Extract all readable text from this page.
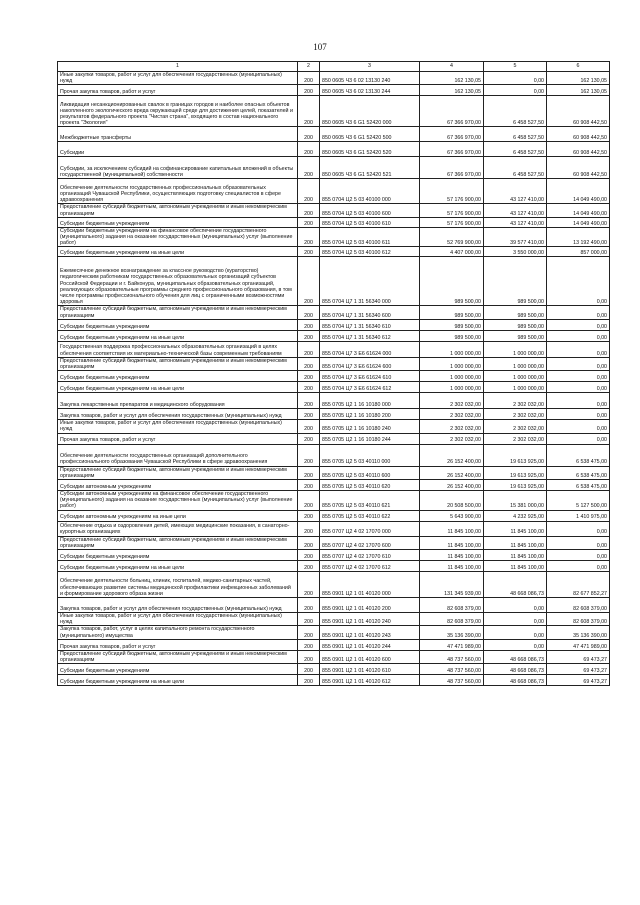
107
1	2	3	4	5	6
Иные закупки товаров, работ и услуг для обеспечения государственных (муниципальных) нужд	200	850 0605 Ч3 6 02 13130 240	162 130,05	0,00	162 130,05
Прочая закупка товаров, работ и услуг	200	850 0605 Ч3 6 02 13130 244	162 130,05	0,00	162 130,05
Ликвидация несанкционированных свалок в границах городов и наиболее опасных объектов накопленного экологического вреда окружающей среде для достижения целей, показателей и результатов федерального проекта "Чистая страна", входящего в состав национального проекта "Экология"	200	850 0605 Ч3 6 G1 52420 000	67 366 970,00	6 458 527,50	60 908 442,50
Межбюджетные трансферты	200	850 0605 Ч3 6 G1 52420 500	67 366 970,00	6 458 527,50	60 908 442,50
Субсидии	200	850 0605 Ч3 6 G1 52420 520	67 366 970,00	6 458 527,50	60 908 442,50
Субсидии, за исключением субсидий на софинансирование капитальных вложений в объекты государственной (муниципальной) собственности	200	850 0605 Ч3 6 G1 52420 521	67 366 970,00	6 458 527,50	60 908 442,50
Обеспечение деятельности государственных профессиональных образовательных организаций Чувашской Республики, осуществляющих подготовку специалистов в сфере здравоохранения	200	855 0704 Ц2 5 03 40100 000	57 176 900,00	43 127 410,00	14 049 490,00
Предоставление субсидий бюджетным, автономным учреждениям и иным некоммерческим организациям	200	855 0704 Ц2 5 03 40100 600	57 176 900,00	43 127 410,00	14 049 490,00
Субсидии бюджетным учреждениям	200	855 0704 Ц2 5 03 40100 610	57 176 900,00	43 127 410,00	14 049 490,00
Субсидии бюджетным учреждениям на финансовое обеспечение государственного (муниципального) задания на оказание государственных (муниципальных) услуг (выполнение работ)	200	855 0704 Ц2 5 03 40100 611	52 769 900,00	39 577 410,00	13 192 490,00
Субсидии бюджетным учреждениям на иные цели	200	855 0704 Ц2 5 03 40100 612	4 407 000,00	3 550 000,00	857 000,00
Ежемесячное денежное вознаграждение за классное руководство (кураторство) педагогическим работникам государственных образовательных организаций субъектов Российской Федерации и г. Байконура, муниципальных образовательных организаций, реализующих образовательные программы среднего профессионального образования, в том числе программы профессионального обучения для лиц с ограниченными возможностями здоровья	200	855 0704 Ц7 1 31 56340 000	989 500,00	989 500,00	0,00
Предоставление субсидий бюджетным, автономным учреждениям и иным некоммерческим организациям	200	855 0704 Ц7 1 31 56340 600	989 500,00	989 500,00	0,00
Субсидии бюджетным учреждениям	200	855 0704 Ц7 1 31 56340 610	989 500,00	989 500,00	0,00
Субсидии бюджетным учреждениям на иные цели	200	855 0704 Ц7 1 31 56340 612	989 500,00	989 500,00	0,00
Государственная поддержка профессиональных образовательных организаций в целях обеспечения соответствия их материально-технической базы современным требованиям	200	855 0704 Ц7 3 E6 61624 000	1 000 000,00	1 000 000,00	0,00
Предоставление субсидий бюджетным, автономным учреждениям и иным некоммерческим организациям	200	855 0704 Ц7 3 E6 61624 600	1 000 000,00	1 000 000,00	0,00
Субсидии бюджетным учреждениям	200	855 0704 Ц7 3 E6 61624 610	1 000 000,00	1 000 000,00	0,00
Субсидии бюджетным учреждениям на иные цели	200	855 0704 Ц7 3 E6 61624 612	1 000 000,00	1 000 000,00	0,00
Закупка лекарственных препаратов и медицинского оборудования	200	855 0705 Ц2 1 16 10180 000	2 302 032,00	2 302 032,00	0,00
Закупка товаров, работ и услуг для обеспечения государственных (муниципальных) нужд	200	855 0705 Ц2 1 16 10180 200	2 302 032,00	2 302 032,00	0,00
Иные закупки товаров, работ и услуг для обеспечения государственных (муниципальных) нужд	200	855 0705 Ц2 1 16 10180 240	2 302 032,00	2 302 032,00	0,00
Прочая закупка товаров, работ и услуг	200	855 0705 Ц2 1 16 10180 244	2 302 032,00	2 302 032,00	0,00
Обеспечение деятельности государственных организаций дополнительного профессионального образования Чувашской Республики в сфере здравоохранения	200	855 0705 Ц2 5 03 40110 000	26 152 400,00	19 613 925,00	6 538 475,00
Предоставление субсидий бюджетным, автономным учреждениям и иным некоммерческим организациям	200	855 0705 Ц2 5 03 40110 600	26 152 400,00	19 613 925,00	6 538 475,00
Субсидии автономным учреждениям	200	855 0705 Ц2 5 03 40110 620	26 152 400,00	19 613 925,00	6 538 475,00
Субсидии автономным учреждениям на финансовое обеспечение государственного (муниципального) задания на оказание государственных (муниципальных) услуг (выполнение работ)	200	855 0705 Ц2 5 03 40110 621	20 508 500,00	15 381 000,00	5 127 500,00
Субсидии автономным учреждениям на иные цели	200	855 0705 Ц2 5 03 40110 622	5 643 900,00	4 232 925,00	1 410 975,00
Обеспечение отдыха и оздоровления детей, имеющих медицинские показания, в санаторно-курортных организациях	200	855 0707 Ц2 4 02 17070 000	11 845 100,00	11 845 100,00	0,00
Предоставление субсидий бюджетным, автономным учреждениям и иным некоммерческим организациям	200	855 0707 Ц2 4 02 17070 600	11 845 100,00	11 845 100,00	0,00
Субсидии бюджетным учреждениям	200	855 0707 Ц2 4 02 17070 610	11 845 100,00	11 845 100,00	0,00
Субсидии бюджетным учреждениям на иные цели	200	855 0707 Ц2 4 02 17070 612	11 845 100,00	11 845 100,00	0,00
Обеспечение деятельности больниц, клиник, госпиталей, медико-санитарных частей, обеспечивающих развитие системы медицинской профилактики инфекционных заболеваний и формирование здорового образа жизни	200	855 0901 Ц2 1 01 40120 000	131 345 939,00	48 668 086,73	82 677 852,27
Закупка товаров, работ и услуг для обеспечения государственных (муниципальных) нужд	200	855 0901 Ц2 1 01 40120 200	82 608 379,00	0,00	82 608 379,00
Иные закупки товаров, работ и услуг для обеспечения государственных (муниципальных) нужд	200	855 0901 Ц2 1 01 40120 240	82 608 379,00	0,00	82 608 379,00
Закупка товаров, работ, услуг в целях капитального ремонта государственного (муниципального) имущества	200	855 0901 Ц2 1 01 40120 243	35 136 390,00	0,00	35 136 390,00
Прочая закупка товаров, работ и услуг	200	855 0901 Ц2 1 01 40120 244	47 471 989,00	0,00	47 471 989,00
Предоставление субсидий бюджетным, автономным учреждениям и иным некоммерческим организациям	200	855 0901 Ц2 1 01 40120 600	48 737 560,00	48 668 086,73	69 473,27
Субсидии бюджетным учреждениям	200	855 0901 Ц2 1 01 40120 610	48 737 560,00	48 668 086,73	69 473,27
Субсидии бюджетным учреждениям на иные цели	200	855 0901 Ц2 1 01 40120 612	48 737 560,00	48 668 086,73	69 473,27
